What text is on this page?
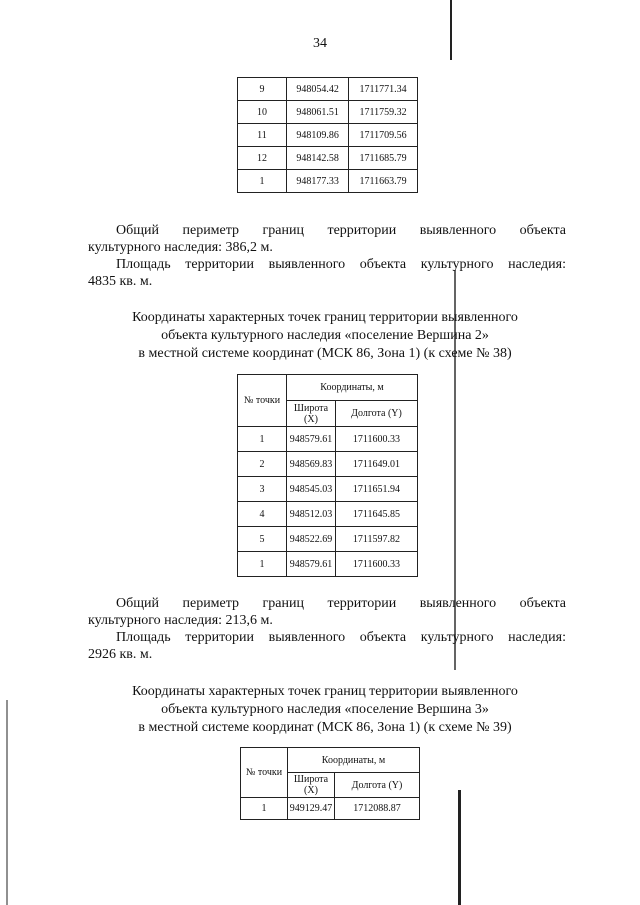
34
9	948054.42	1711771.34
10	948061.51	1711759.32
11	948109.86	1711709.56
12	948142.58	1711685.79
1	948177.33	1711663.79
Общий периметр границ территории выявленного объекта
культурного наследия: 386,2 м.
Площадь территории выявленного объекта культурного наследия:
4835 кв. м.
Координаты характерных точек границ территории выявленного
объекта культурного наследия «поселение Вершина 2»
в местной системе координат (МСК 86, Зона 1) (к схеме № 38)
№ точки	Координаты, м	
	Широта (X)	Долгота (Y)
1	948579.61	1711600.33
2	948569.83	1711649.01
3	948545.03	1711651.94
4	948512.03	1711645.85
5	948522.69	1711597.82
1	948579.61	1711600.33
Общий периметр границ территории выявленного объекта
культурного наследия: 213,6 м.
Площадь территории выявленного объекта культурного наследия:
2926 кв. м.
Координаты характерных точек границ территории выявленного
объекта культурного наследия «поселение Вершина 3»
в местной системе координат (МСК 86, Зона 1) (к схеме № 39)
№ точки	Координаты, м	
	Широта (X)	Долгота (Y)
1	949129.47	1712088.87
